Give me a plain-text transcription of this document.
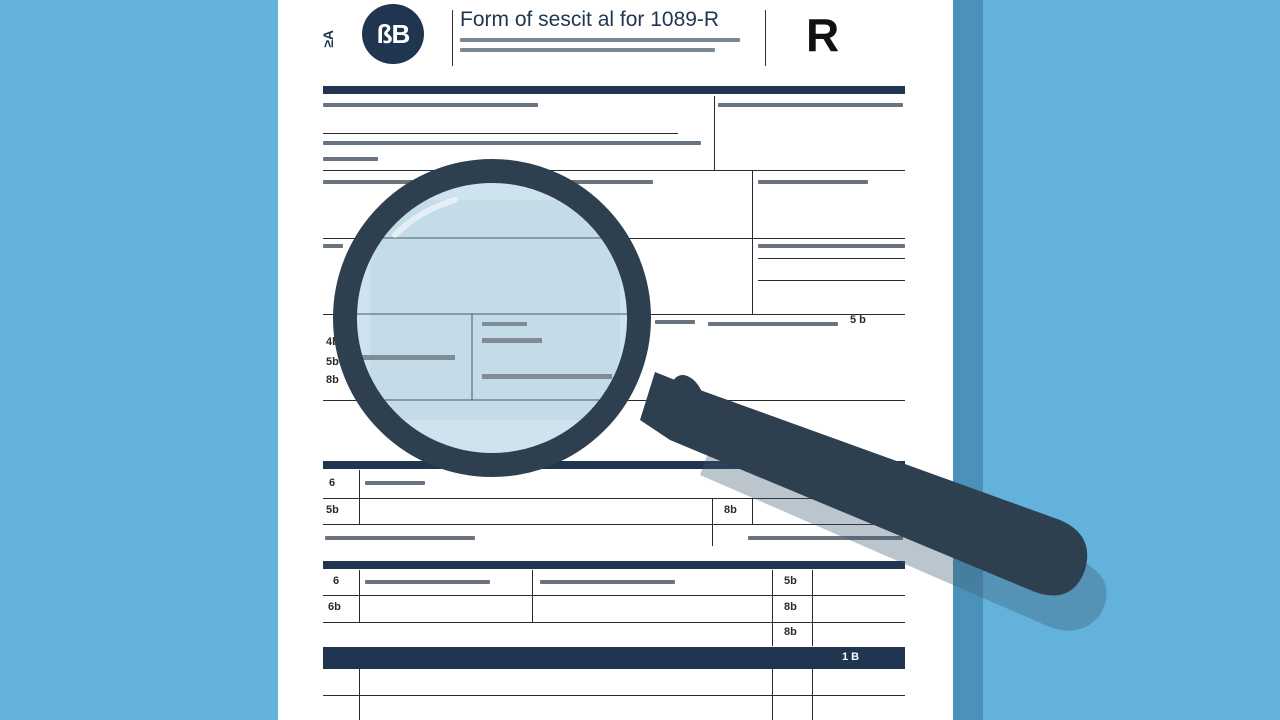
ßB
≥A
Form of sescit al for 1089-R	R
5 b
4b
5b
8b
6
5b	8b
6	5b
6b	8b
8b
1 B
